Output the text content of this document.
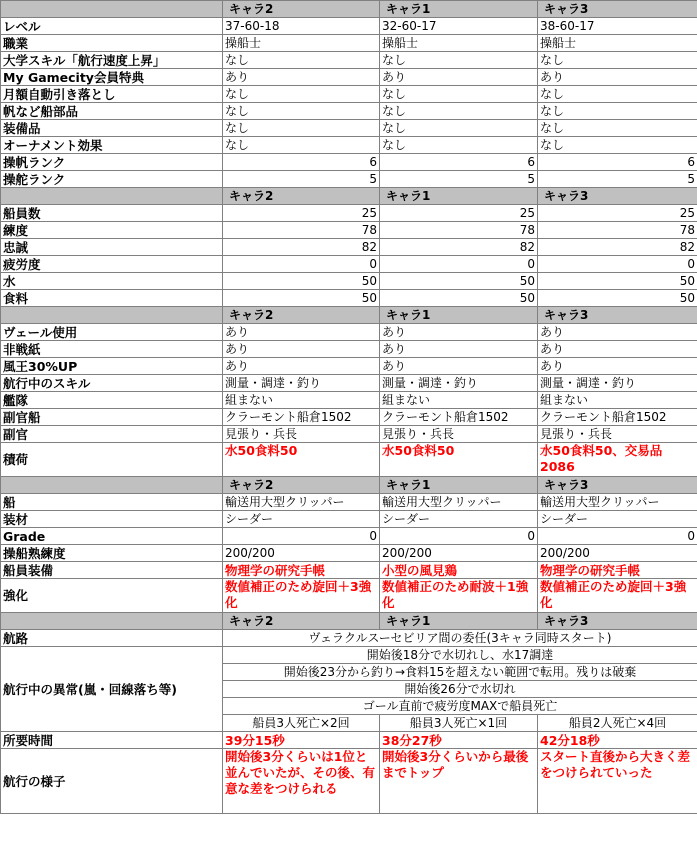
	キャラ2	キャラ1	キャラ3
レベル	37-60-18	32-60-17	38-60-17
職業	操船士	操船士	操船士
大学スキル「航行速度上昇」	なし	なし	なし
My Gamecity会員特典	あり	あり	あり
月額自動引き落とし	なし	なし	なし
帆など船部品	なし	なし	なし
装備品	なし	なし	なし
オーナメント効果	なし	なし	なし
操帆ランク	6	6	6
操舵ランク	5	5	5
	キャラ2	キャラ1	キャラ3
船員数	25	25	25
練度	78	78	78
忠誠	82	82	82
疲労度	0	0	0
水	50	50	50
食料	50	50	50
	キャラ2	キャラ1	キャラ3
ヴェール使用	あり	あり	あり
非戦紙	あり	あり	あり
風王30%UP	あり	あり	あり
航行中のスキル	測量・調達・釣り	測量・調達・釣り	測量・調達・釣り
艦隊	組まない	組まない	組まない
副官船	クラーモント船倉1502	クラーモント船倉1502	クラーモント船倉1502
副官	見張り・兵長	見張り・兵長	見張り・兵長
積荷	水50食料50	水50食料50	水50食料50、交易品2086
	キャラ2	キャラ1	キャラ3
船	輸送用大型クリッパー	輸送用大型クリッパー	輸送用大型クリッパー
装材	シーダー	シーダー	シーダー
Grade	0	0	0
操船熟練度	200/200	200/200	200/200
船員装備	物理学の研究手帳	小型の風見鶏	物理学の研究手帳
強化	数値補正のため旋回＋3強化	数値補正のため耐波＋1強化	数値補正のため旋回＋3強化
	キャラ2	キャラ1	キャラ3
航路	ヴェラクルスーセビリア間の委任(3キャラ同時スタート)		
航行中の異常(嵐・回線落ち等)	開始後18分で水切れし、水17調達		
	開始後23分から釣り→食料15を超えない範囲で転用。残りは破棄		
	開始後26分で水切れ		
	ゴール直前で疲労度MAXで船員死亡		
	船員3人死亡×2回	船員3人死亡×1回	船員2人死亡×4回
所要時間	39分15秒	38分27秒	42分18秒
航行の様子	開始後3分くらいは1位と並んでいたが、その後、有意な差をつけられる	開始後3分くらいから最後までトップ	スタート直後から大きく差をつけられていった
